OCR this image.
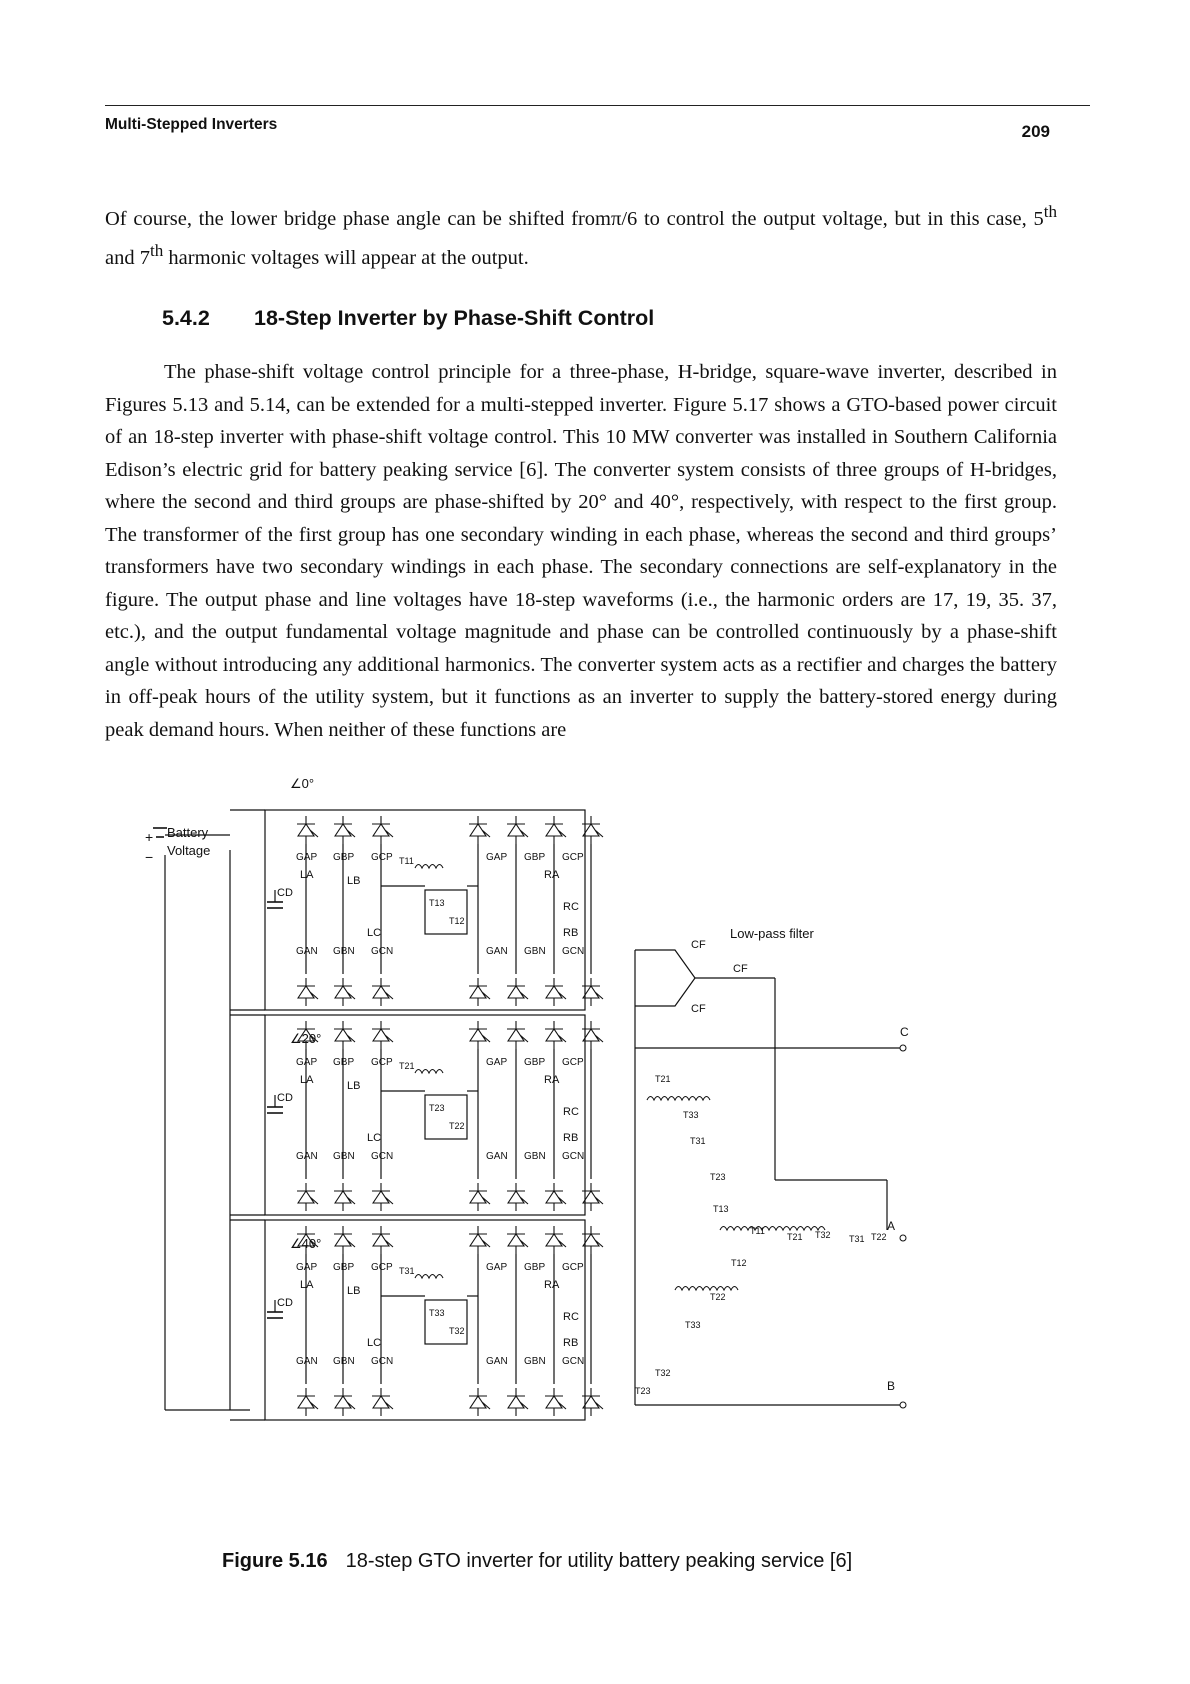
Multi-Stepped Inverters	209

Of course, the lower bridge phase angle can be shifted fromπ/6 to control the output voltage, but in this case, 5th and 7th harmonic voltages will appear at the output.

5.4.2 18-Step Inverter by Phase-Shift Control

The phase-shift voltage control principle for a three-phase, H-bridge, square-wave inverter, described in Figures 5.13 and 5.14, can be extended for a multi-stepped inverter. Figure 5.17 shows a GTO-based power circuit of an 18-step inverter with phase-shift voltage control. This 10 MW converter was installed in Southern California Edison’s electric grid for battery peaking service [6]. The converter system consists of three groups of H-bridges, where the second and third groups are phase-shifted by 20° and 40°, respectively, with respect to the first group. The transformer of the first group has one secondary winding in each phase, whereas the second and third groups’ transformers have two secondary windings in each phase. The secondary connections are self-explanatory in the figure. The output phase and line voltages have 18-step waveforms (i.e., the harmonic orders are 17, 19, 35. 37, etc.), and the output fundamental voltage magnitude and phase can be controlled continuously by a phase-shift angle without introducing any additional harmonics. The converter system acts as a rectifier and charges the battery in off-peak hours of the utility system, but it functions as an inverter to supply the battery-stored energy during peak demand hours. When neither of these functions are

+
−
Battery
Voltage
∠0°
CD
GAP
GAN
GBP
GBN
GCP
GCN
GAP
GAN
GBP
GBN
GCP
GCN
LA	LB
LC
RA
RC
RB
T11
T13
T12
∠20°
CD
GAP
GAN
GBP
GBN
GCP
GCN
GAP
GAN
GBP
GBN
GCP
GCN
LA	LB
LC
RA
RC
RB
T21
T23
T22
∠40°
CD
GAP
GAN
GBP
GBN
GCP
GCN
GAP
GAN
GBP
GBN
GCP
GCN
LA	LB
LC
RA
RC
RB
T31
T33
T32
Low-pass filter
CF
CF
CF
C
A
B
T21
T33
T31
T23
T13
T11
T21 T32 T31 T22
T12
T22
T33
T32
T23
Figure 5.16 18-step GTO inverter for utility battery peaking service [6]
